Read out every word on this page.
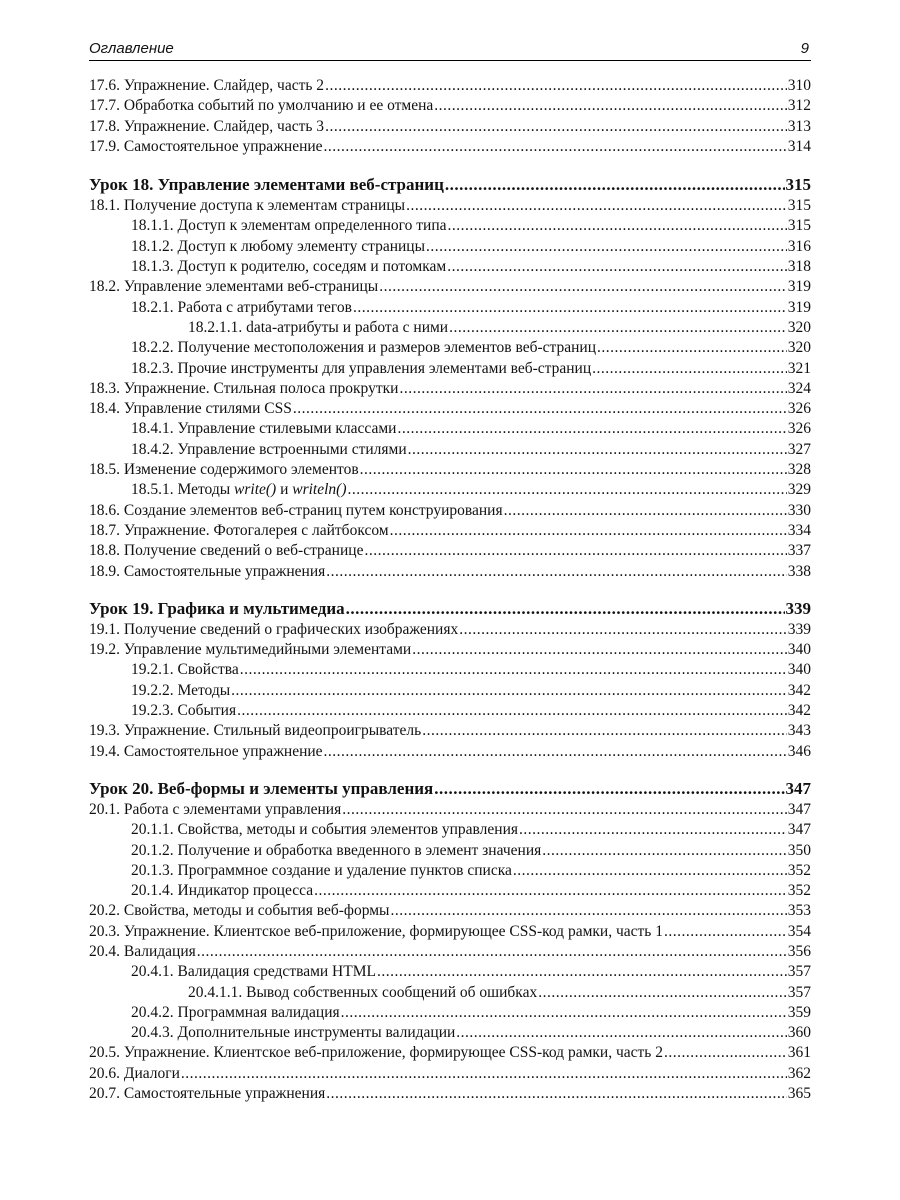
Оглавление	9
17.6. Упражнение. Слайдер, часть 2 .....	310
17.7. Обработка событий по умолчанию и ее отмена .....	312
17.8. Упражнение. Слайдер, часть 3 .....	313
17.9. Самостоятельное упражнение .....	314
Урок 18. Управление элементами веб-страниц .....	315
18.1. Получение доступа к элементам страницы .....	315
18.1.1. Доступ к элементам определенного типа .....	315
18.1.2. Доступ к любому элементу страницы .....	316
18.1.3. Доступ к родителю, соседям и потомкам .....	318
18.2. Управление элементами веб-страницы .....	319
18.2.1. Работа с атрибутами тегов .....	319
18.2.1.1. data-атрибуты и работа с ними .....	320
18.2.2. Получение местоположения и размеров элементов веб-страниц .....	320
18.2.3. Прочие инструменты для управления элементами веб-страниц .....	321
18.3. Упражнение. Стильная полоса прокрутки .....	324
18.4. Управление стилями CSS .....	326
18.4.1. Управление стилевыми классами .....	326
18.4.2. Управление встроенными стилями .....	327
18.5. Изменение содержимого элементов .....	328
18.5.1. Методы write() и writeln() .....	329
18.6. Создание элементов веб-страниц путем конструирования .....	330
18.7. Упражнение. Фотогалерея с лайтбоксом .....	334
18.8. Получение сведений о веб-странице .....	337
18.9. Самостоятельные упражнения .....	338
Урок 19. Графика и мультимедиа .....	339
19.1. Получение сведений о графических изображениях .....	339
19.2. Управление мультимедийными элементами .....	340
19.2.1. Свойства .....	340
19.2.2. Методы .....	342
19.2.3. События .....	342
19.3. Упражнение. Стильный видеопроигрыватель .....	343
19.4. Самостоятельное упражнение .....	346
Урок 20. Веб-формы и элементы управления .....	347
20.1. Работа с элементами управления .....	347
20.1.1. Свойства, методы и события элементов управления .....	347
20.1.2. Получение и обработка введенного в элемент значения .....	350
20.1.3. Программное создание и удаление пунктов списка .....	352
20.1.4. Индикатор процесса .....	352
20.2. Свойства, методы и события веб-формы .....	353
20.3. Упражнение. Клиентское веб-приложение, формирующее CSS-код рамки, часть 1 .....	354
20.4. Валидация .....	356
20.4.1. Валидация средствами HTML .....	357
20.4.1.1. Вывод собственных сообщений об ошибках .....	357
20.4.2. Программная валидация .....	359
20.4.3. Дополнительные инструменты валидации .....	360
20.5. Упражнение. Клиентское веб-приложение, формирующее CSS-код рамки, часть 2 .....	361
20.6. Диалоги .....	362
20.7. Самостоятельные упражнения .....	365
